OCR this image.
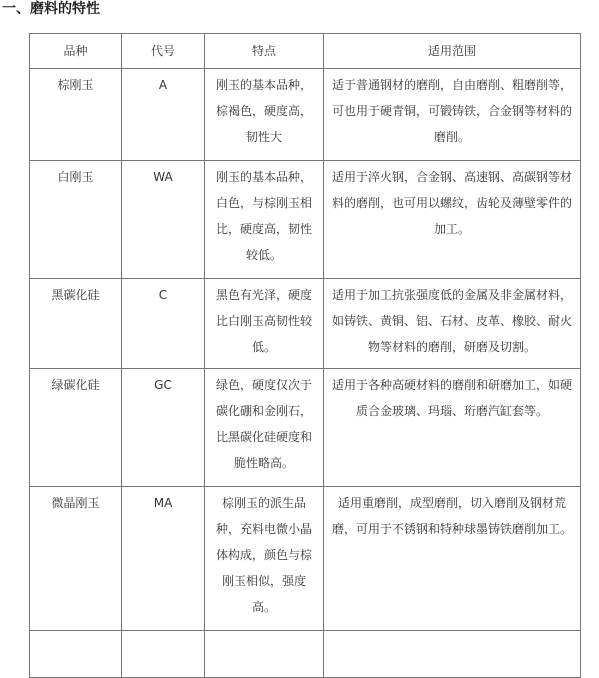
一、磨料的特性
品种	代号	特点	适用范围
棕刚玉	A	刚玉的基本品种，棕褐色，硬度高，韧性大	适于普通钢材的磨削，自由磨削、粗磨削等，可也用于硬青铜，可锻铸铁，合金钢等材料的磨削。
白刚玉	WA	刚玉的基本品种，白色，与棕刚玉相比，硬度高，韧性较低。	适用于淬火钢，合金钢、高速钢、高碳钢等材料的磨削，也可用以螺纹，齿轮及薄壁零件的加工。
黑碳化硅	C	黑色有光泽，硬度比白刚玉高韧性较低。	适用于加工抗张强度低的金属及非金属材料，如铸铁、黄铜、铝、石材、皮革、橡胶、耐火物等材料的磨削，研磨及切割。
绿碳化硅	GC	绿色，硬度仅次于碳化硼和金刚石，比黑碳化硅硬度和脆性略高。	适用于各种高硬材料的磨削和研磨加工，如硬质合金玻璃、玛瑙、珩磨汽缸套等。
微晶刚玉	MA	棕刚玉的派生品种，充料电微小晶体构成，颜色与棕刚玉相似，强度高。	适用重磨削，成型磨削，切入磨削及钢材荒磨，可用于不锈钢和特种球墨铸铁磨削加工。
